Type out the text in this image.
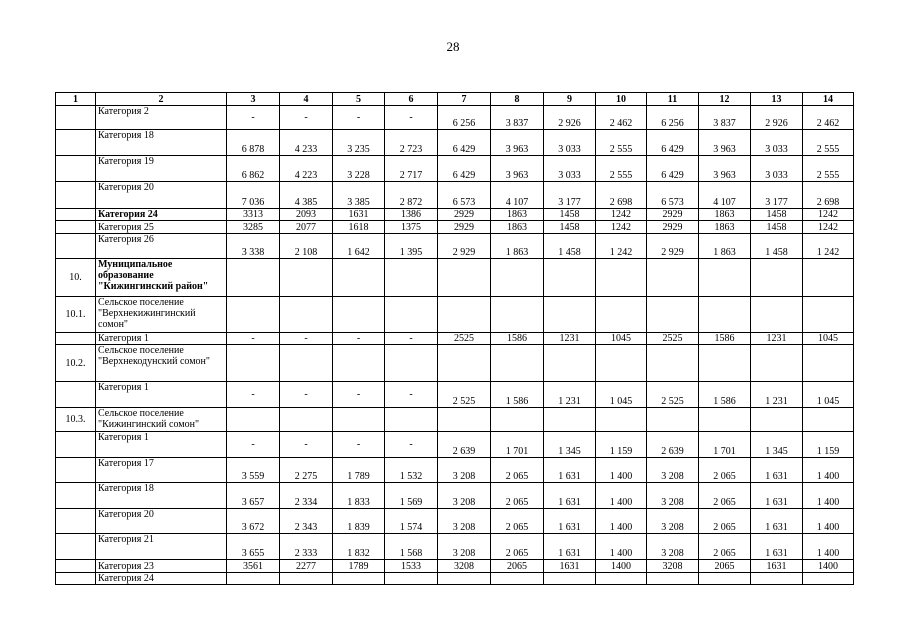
28
1	2	3	4	5	6	7	8	9	10	11	12	13	14
	Категория 2	-	-	-	-	6 256	3 837	2 926	2 462	6 256	3 837	2 926	2 462
	Категория 18	6 878	4 233	3 235	2 723	6 429	3 963	3 033	2 555	6 429	3 963	3 033	2 555
	Категория 19	6 862	4 223	3 228	2 717	6 429	3 963	3 033	2 555	6 429	3 963	3 033	2 555
	Категория 20	7 036	4 385	3 385	2 872	6 573	4 107	3 177	2 698	6 573	4 107	3 177	2 698
	Категория 24	3313	2093	1631	1386	2929	1863	1458	1242	2929	1863	1458	1242
	Категория 25	3285	2077	1618	1375	2929	1863	1458	1242	2929	1863	1458	1242
	Категория 26	3 338	2 108	1 642	1 395	2 929	1 863	1 458	1 242	2 929	1 863	1 458	1 242
10.	Муниципальное образование "Кижингинский район"												
10.1.	Сельское поселение "Верхнекижингинский сомон"												
	Категория 1	-	-	-	-	2525	1586	1231	1045	2525	1586	1231	1045
10.2.	Сельское поселение "Верхнекодунский сомон"												
	Категория 1	-	-	-	-	2 525	1 586	1 231	1 045	2 525	1 586	1 231	1 045
10.3.	Сельское поселение "Кижингинский сомон"												
	Категория 1	-	-	-	-	2 639	1 701	1 345	1 159	2 639	1 701	1 345	1 159
	Категория 17	3 559	2 275	1 789	1 532	3 208	2 065	1 631	1 400	3 208	2 065	1 631	1 400
	Категория 18	3 657	2 334	1 833	1 569	3 208	2 065	1 631	1 400	3 208	2 065	1 631	1 400
	Категория 20	3 672	2 343	1 839	1 574	3 208	2 065	1 631	1 400	3 208	2 065	1 631	1 400
	Категория 21	3 655	2 333	1 832	1 568	3 208	2 065	1 631	1 400	3 208	2 065	1 631	1 400
	Категория 23	3561	2277	1789	1533	3208	2065	1631	1400	3208	2065	1631	1400
	Категория 24												
